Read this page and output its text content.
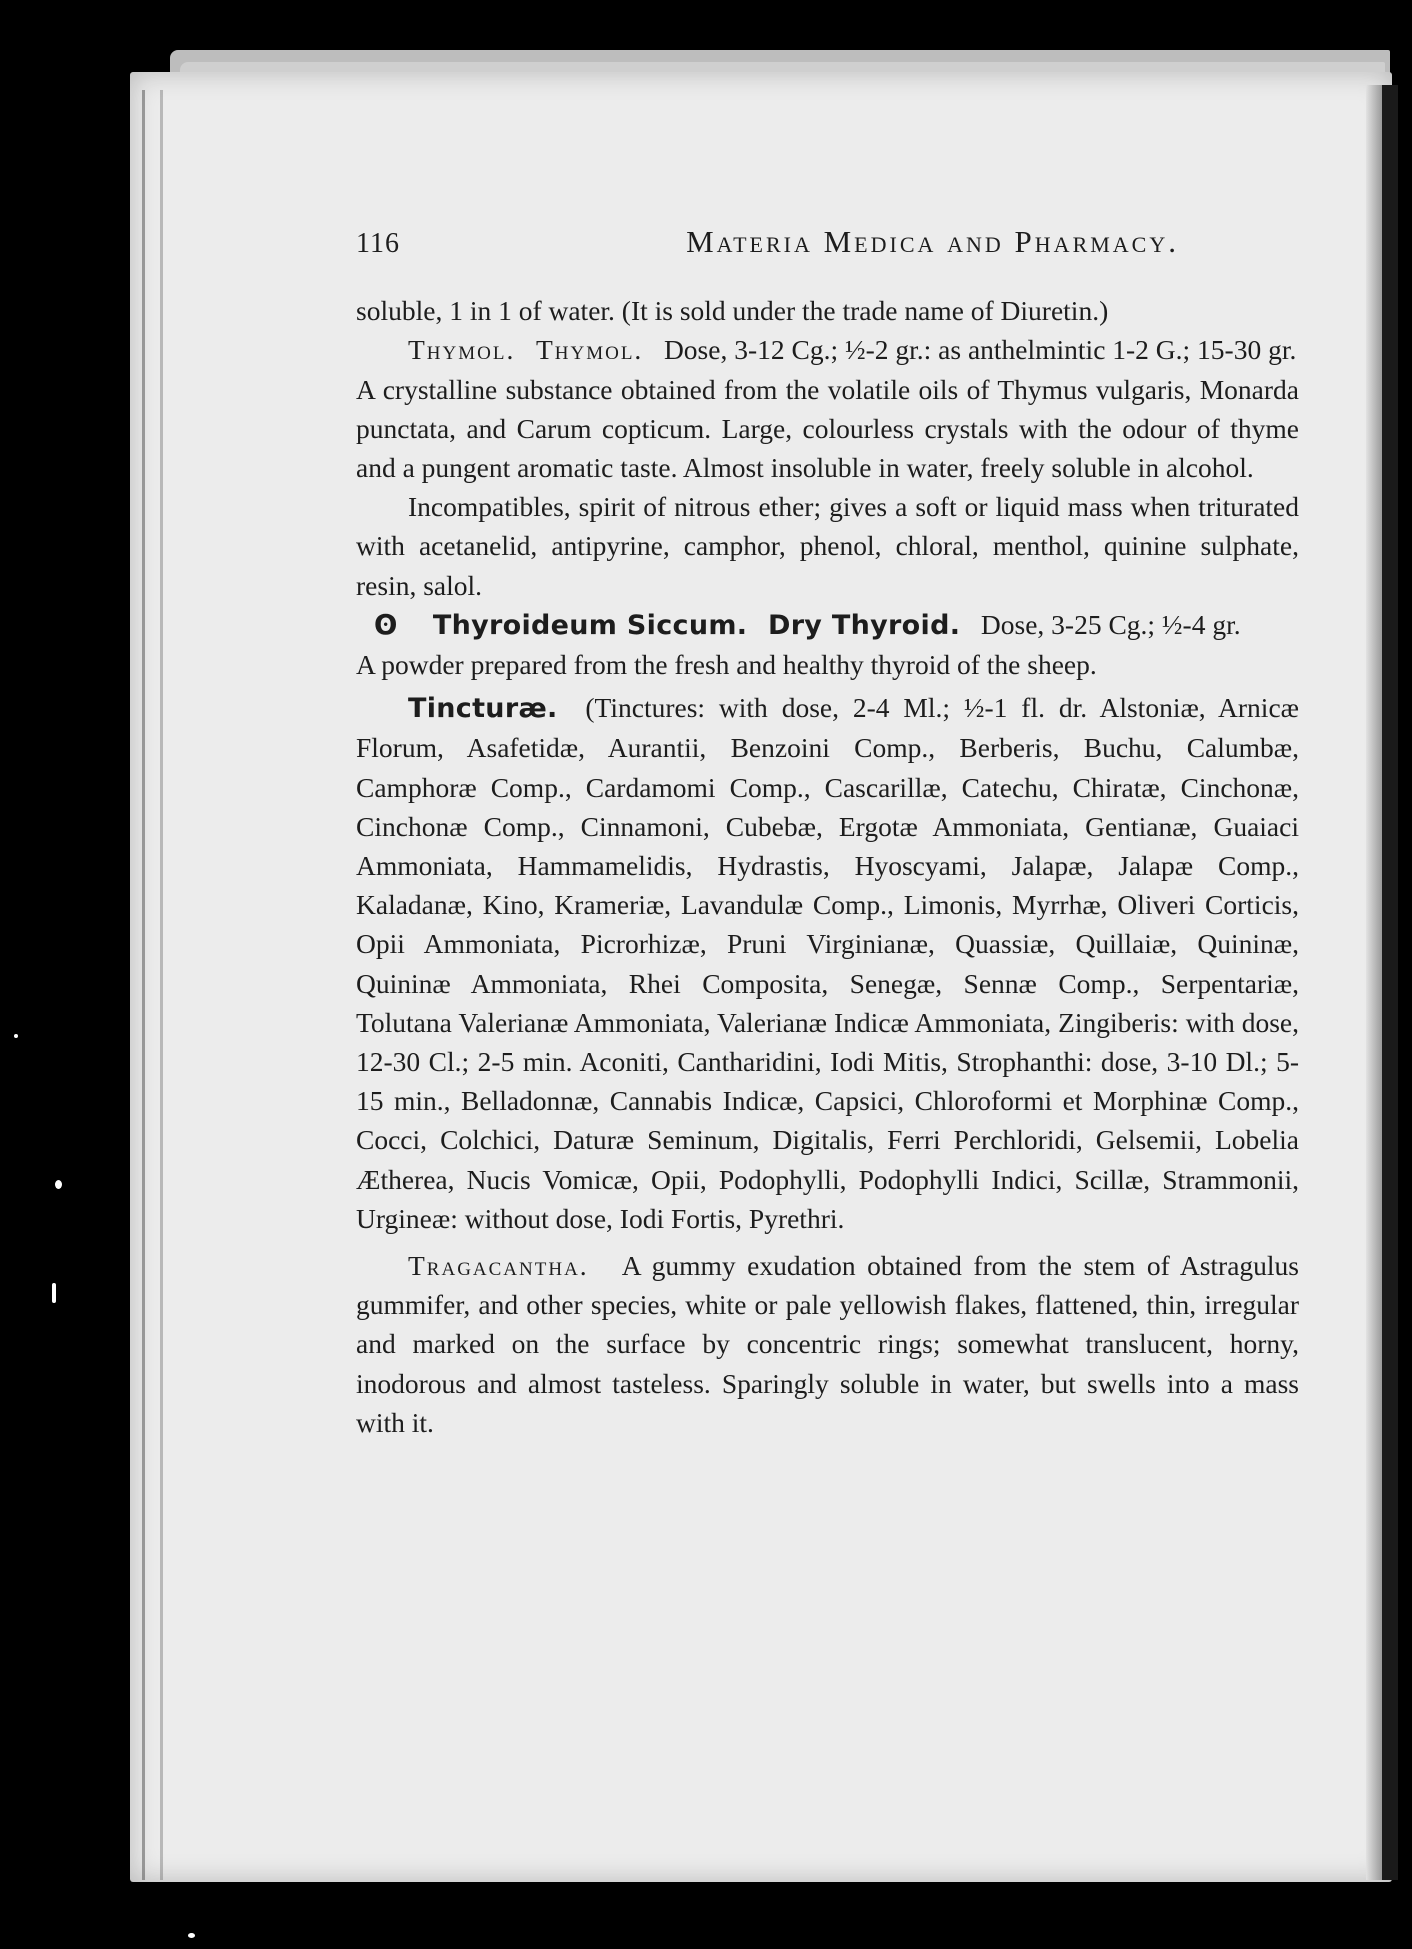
116	Materia Medica and Pharmacy.

soluble, 1 in 1 of water. (It is sold under the trade name of Diuretin.)

Thymol. Thymol. Dose, 3-12 Cg.; ½-2 gr.: as anthelmintic 1-2 G.; 15-30 gr.

A crystalline substance obtained from the volatile oils of Thymus vulgaris, Monarda punctata, and Carum copticum. Large, colourless crystals with the odour of thyme and a pungent aromatic taste. Almost insoluble in water, freely soluble in alcohol.

Incompatibles, spirit of nitrous ether; gives a soft or liquid mass when triturated with acetanelid, antipyrine, camphor, phenol, chloral, menthol, quinine sulphate, resin, salol.

ʘ Thyroideum Siccum. Dry Thyroid. Dose, 3-25 Cg.; ½-4 gr.

A powder prepared from the fresh and healthy thyroid of the sheep.

Tincturæ. (Tinctures: with dose, 2-4 Ml.; ½-1 fl. dr. Alstoniæ, Arnicæ Florum, Asafetidæ, Aurantii, Benzoini Comp., Berberis, Buchu, Calumbæ, Camphoræ Comp., Cardamomi Comp., Cascarillæ, Catechu, Chiratæ, Cinchonæ, Cinchonæ Comp., Cinnamoni, Cubebæ, Ergotæ Ammoniata, Gentianæ, Guaiaci Ammoniata, Hammamelidis, Hydrastis, Hyoscyami, Jalapæ, Jalapæ Comp., Kaladanæ, Kino, Krameriæ, Lavandulæ Comp., Limonis, Myrrhæ, Oliveri Corticis, Opii Ammoniata, Picrorhizæ, Pruni Virginianæ, Quassiæ, Quillaiæ, Quininæ, Quininæ Ammoniata, Rhei Composita, Senegæ, Sennæ Comp., Serpentariæ, Tolutana Valerianæ Ammoniata, Valerianæ Indicæ Ammoniata, Zingiberis: with dose, 12-30 Cl.; 2-5 min. Aconiti, Cantharidini, Iodi Mitis, Strophanthi: dose, 3-10 Dl.; 5-15 min., Belladonnæ, Cannabis Indicæ, Capsici, Chloroformi et Morphinæ Comp., Cocci, Colchici, Daturæ Seminum, Digitalis, Ferri Perchloridi, Gelsemii, Lobelia Ætherea, Nucis Vomicæ, Opii, Podophylli, Podophylli Indici, Scillæ, Strammonii, Urgineæ: without dose, Iodi Fortis, Pyrethri.

Tragacantha. A gummy exudation obtained from the stem of Astragulus gummifer, and other species, white or pale yellowish flakes, flattened, thin, irregular and marked on the surface by concentric rings; somewhat translucent, horny, inodorous and almost tasteless. Sparingly soluble in water, but swells into a mass with it.
